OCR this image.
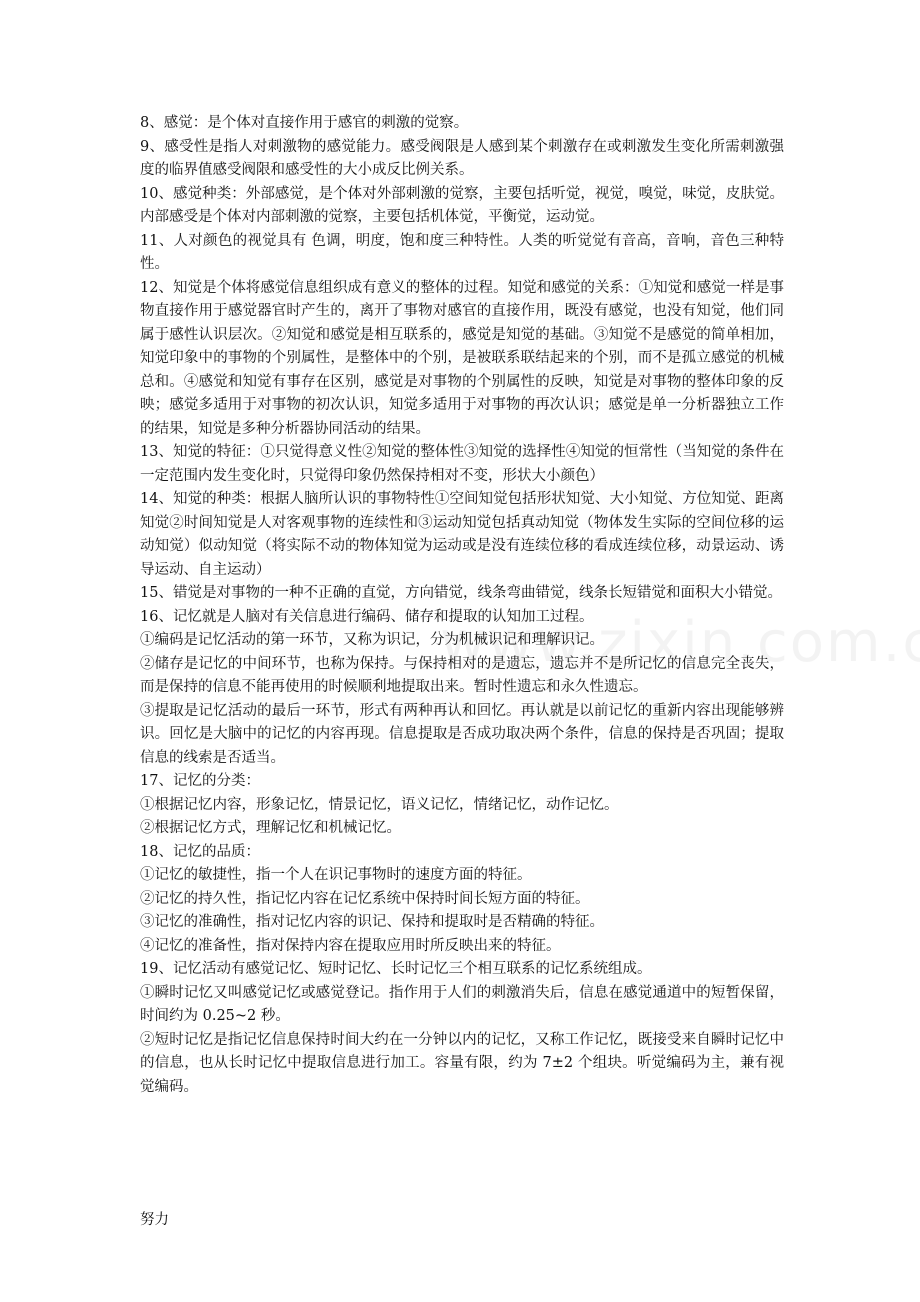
8、感觉：是个体对直接作用于感官的刺激的觉察。

9、感受性是指人对刺激物的感觉能力。感受阀限是人感到某个刺激存在或刺激发生变化所需刺激强度的临界值感受阀限和感受性的大小成反比例关系。

10、感觉种类：外部感觉，是个体对外部刺激的觉察，主要包括听觉，视觉，嗅觉，味觉，皮肤觉。 内部感受是个体对内部刺激的觉察，主要包括机体觉，平衡觉，运动觉。

11、人对颜色的视觉具有 色调，明度，饱和度三种特性。人类的听觉觉有音高，音响，音色三种特性。

12、知觉是个体将感觉信息组织成有意义的整体的过程。知觉和感觉的关系：①知觉和感觉一样是事物直接作用于感觉器官时产生的，离开了事物对感官的直接作用，既没有感觉，也没有知觉，他们同属于感性认识层次。②知觉和感觉是相互联系的，感觉是知觉的基础。③知觉不是感觉的简单相加，知觉印象中的事物的个别属性，是整体中的个别，是被联系联结起来的个别，而不是孤立感觉的机械总和。④感觉和知觉有事存在区别，感觉是对事物的个别属性的反映，知觉是对事物的整体印象的反映；感觉多适用于对事物的初次认识，知觉多适用于对事物的再次认识；感觉是单一分析器独立工作的结果，知觉是多种分析器协同活动的结果。

13、知觉的特征：①只觉得意义性②知觉的整体性③知觉的选择性④知觉的恒常性（当知觉的条件在一定范围内发生变化时，只觉得印象仍然保持相对不变，形状大小颜色）

14、知觉的种类：根据人脑所认识的事物特性①空间知觉包括形状知觉、大小知觉、方位知觉、距离知觉②时间知觉是人对客观事物的连续性和③运动知觉包括真动知觉（物体发生实际的空间位移的运动知觉）似动知觉（将实际不动的物体知觉为运动或是没有连续位移的看成连续位移，动景运动、诱导运动、自主运动）

15、错觉是对事物的一种不正确的直觉，方向错觉，线条弯曲错觉，线条长短错觉和面积大小错觉。

16、记忆就是人脑对有关信息进行编码、储存和提取的认知加工过程。

①编码是记忆活动的第一环节，又称为识记，分为机械识记和理解识记。

②储存是记忆的中间环节，也称为保持。与保持相对的是遗忘，遗忘并不是所记忆的信息完全丧失，而是保持的信息不能再使用的时候顺利地提取出来。暂时性遗忘和永久性遗忘。

③提取是记忆活动的最后一环节，形式有两种再认和回忆。再认就是以前记忆的重新内容出现能够辨识。回忆是大脑中的记忆的内容再现。信息提取是否成功取决两个条件，信息的保持是否巩固；提取信息的线索是否适当。

17、记忆的分类：

①根据记忆内容，形象记忆，情景记忆，语义记忆，情绪记忆，动作记忆。

②根据记忆方式，理解记忆和机械记忆。

18、记忆的品质：

①记忆的敏捷性，指一个人在识记事物时的速度方面的特征。

②记忆的持久性，指记忆内容在记忆系统中保持时间长短方面的特征。

③记忆的准确性，指对记忆内容的识记、保持和提取时是否精确的特征。

④记忆的准备性，指对保持内容在提取应用时所反映出来的特征。

19、记忆活动有感觉记忆、短时记忆、长时记忆三个相互联系的记忆系统组成。

①瞬时记忆又叫感觉记忆或感觉登记。指作用于人们的刺激消失后，信息在感觉通道中的短暂保留，时间约为 0.25~2 秒。

②短时记忆是指记忆信息保持时间大约在一分钟以内的记忆，又称工作记忆，既接受来自瞬时记忆中的信息，也从长时记忆中提取信息进行加工。容量有限，约为 7±2 个组块。听觉编码为主，兼有视觉编码。

努力
